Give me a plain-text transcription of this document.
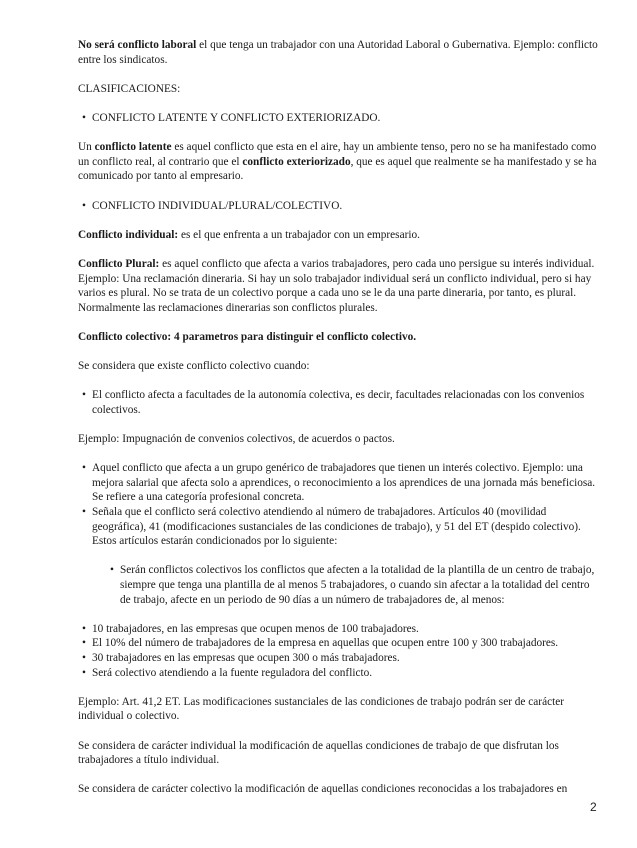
No será conflicto laboral el que tenga un trabajador con una Autoridad Laboral o Gubernativa. Ejemplo: conflicto entre los sindicatos.

CLASIFICACIONES:

• CONFLICTO LATENTE Y CONFLICTO EXTERIORIZADO.

Un conflicto latente es aquel conflicto que esta en el aire, hay un ambiente tenso, pero no se ha manifestado como un conflicto real, al contrario que el conflicto exteriorizado, que es aquel que realmente se ha manifestado y se ha comunicado por tanto al empresario.

• CONFLICTO INDIVIDUAL/PLURAL/COLECTIVO.

Conflicto individual: es el que enfrenta a un trabajador con un empresario.

Conflicto Plural: es aquel conflicto que afecta a varios trabajadores, pero cada uno persigue su interés individual. Ejemplo: Una reclamación dineraria. Si hay un solo trabajador individual será un conflicto individual, pero si hay varios es plural. No se trata de un colectivo porque a cada uno se le da una parte dineraria, por tanto, es plural. Normalmente las reclamaciones dinerarias son conflictos plurales.

Conflicto colectivo: 4 parametros para distinguir el conflicto colectivo.

Se considera que existe conflicto colectivo cuando:

• El conflicto afecta a facultades de la autonomía colectiva, es decir, facultades relacionadas con los convenios colectivos.

Ejemplo: Impugnación de convenios colectivos, de acuerdos o pactos.

• Aquel conflicto que afecta a un grupo genérico de trabajadores que tienen un interés colectivo. Ejemplo: una mejora salarial que afecta solo a aprendices, o reconocimiento a los aprendices de una jornada más beneficiosa. Se refiere a una categoría profesional concreta.
• Señala que el conflicto será colectivo atendiendo al número de trabajadores. Artículos 40 (movilidad geográfica), 41 (modificaciones sustanciales de las condiciones de trabajo), y 51 del ET (despido colectivo). Estos artículos estarán condicionados por lo siguiente:
• Serán conflictos colectivos los conflictos que afecten a la totalidad de la plantilla de un centro de trabajo, siempre que tenga una plantilla de al menos 5 trabajadores, o cuando sin afectar a la totalidad del centro de trabajo, afecte en un periodo de 90 días a un número de trabajadores de, al menos:
• 10 trabajadores, en las empresas que ocupen menos de 100 trabajadores.
• El 10% del número de trabajadores de la empresa en aquellas que ocupen entre 100 y 300 trabajadores.
• 30 trabajadores en las empresas que ocupen 300 o más trabajadores.
• Será colectivo atendiendo a la fuente reguladora del conflicto.

Ejemplo: Art. 41,2 ET. Las modificaciones sustanciales de las condiciones de trabajo podrán ser de carácter individual o colectivo.

Se considera de carácter individual la modificación de aquellas condiciones de trabajo de que disfrutan los trabajadores a título individual.

Se considera de carácter colectivo la modificación de aquellas condiciones reconocidas a los trabajadores en

2
